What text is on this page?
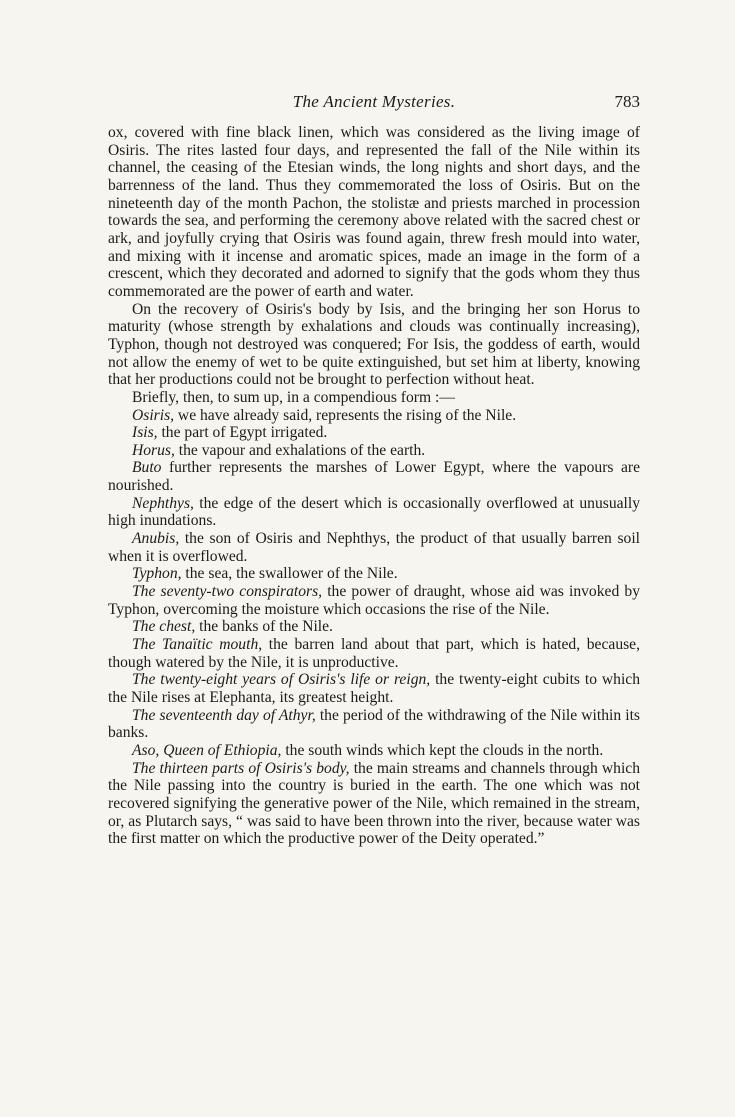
The Ancient Mysteries.	783

ox, covered with fine black linen, which was considered as the living image of Osiris. The rites lasted four days, and represented the fall of the Nile within its channel, the ceasing of the Etesian winds, the long nights and short days, and the barrenness of the land. Thus they commemorated the loss of Osiris. But on the nineteenth day of the month Pachon, the stolistæ and priests marched in procession towards the sea, and performing the ceremony above related with the sacred chest or ark, and joyfully crying that Osiris was found again, threw fresh mould into water, and mixing with it incense and aromatic spices, made an image in the form of a crescent, which they decorated and adorned to signify that the gods whom they thus commemorated are the power of earth and water.

On the recovery of Osiris's body by Isis, and the bringing her son Horus to maturity (whose strength by exhalations and clouds was continually increasing), Typhon, though not destroyed was conquered; For Isis, the goddess of earth, would not allow the enemy of wet to be quite extinguished, but set him at liberty, knowing that her productions could not be brought to perfection without heat.

Briefly, then, to sum up, in a compendious form :—

Osiris, we have already said, represents the rising of the Nile.

Isis, the part of Egypt irrigated.

Horus, the vapour and exhalations of the earth.

Buto further represents the marshes of Lower Egypt, where the vapours are nourished.

Nephthys, the edge of the desert which is occasionally overflowed at unusually high inundations.

Anubis, the son of Osiris and Nephthys, the product of that usually barren soil when it is overflowed.

Typhon, the sea, the swallower of the Nile.

The seventy-two conspirators, the power of draught, whose aid was invoked by Typhon, overcoming the moisture which occasions the rise of the Nile.

The chest, the banks of the Nile.

The Tanaïtic mouth, the barren land about that part, which is hated, because, though watered by the Nile, it is unproductive.

The twenty-eight years of Osiris's life or reign, the twenty-eight cubits to which the Nile rises at Elephanta, its greatest height.

The seventeenth day of Athyr, the period of the withdrawing of the Nile within its banks.

Aso, Queen of Ethiopia, the south winds which kept the clouds in the north.

The thirteen parts of Osiris's body, the main streams and channels through which the Nile passing into the country is buried in the earth. The one which was not recovered signifying the generative power of the Nile, which remained in the stream, or, as Plutarch says, “ was said to have been thrown into the river, because water was the first matter on which the productive power of the Deity operated.”
